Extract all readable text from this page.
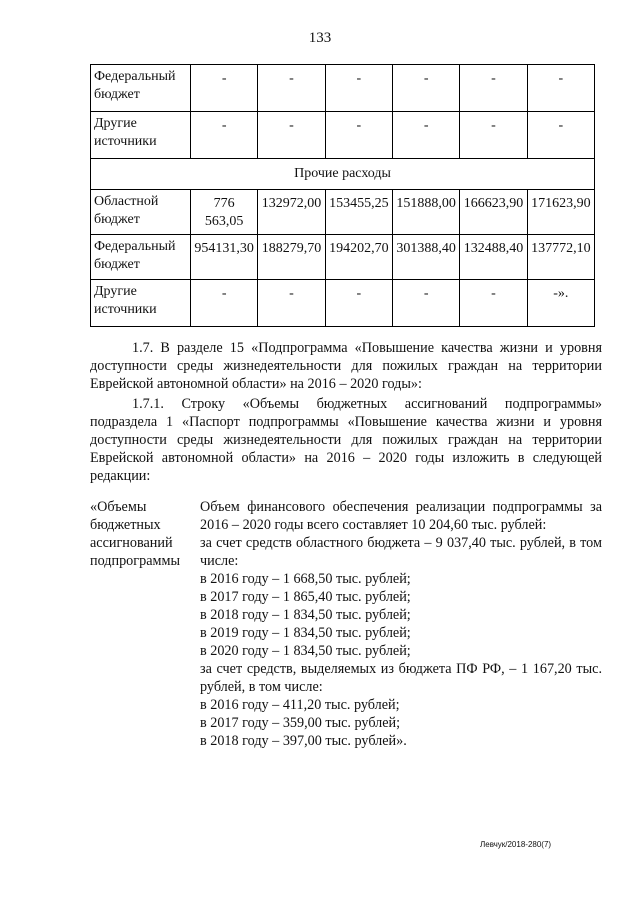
133
Федеральный бюджет	-	-	-	-	-	-
Другие источники	-	-	-	-	-	-
Прочие расходы						
Областной бюджет	776 563,05	132972,00	153455,25	151888,00	166623,90	171623,90
Федеральный бюджет	954131,30	188279,70	194202,70	301388,40	132488,40	137772,10
Другие источники	-	-	-	-	-	-».
1.7. В разделе 15 «Подпрограмма «Повышение качества жизни и уровня доступности среды жизнедеятельности для пожилых граждан на территории Еврейской автономной области» на 2016 – 2020 годы»:
1.7.1. Строку «Объемы бюджетных ассигнований подпрограммы» подраздела 1 «Паспорт подпрограммы «Повышение качества жизни и уровня доступности среды жизнедеятельности для пожилых граждан на территории Еврейской автономной области» на 2016 – 2020 годы изложить в следующей редакции:
«Объемы бюджетных ассигнований подпрограммы
Объем финансового обеспечения реализации подпрограммы за 2016 – 2020 годы всего составляет 10 204,60 тыс. рублей:
за счет средств областного бюджета – 9 037,40 тыс. рублей, в том числе:
в 2016 году – 1 668,50 тыс. рублей;
в 2017 году – 1 865,40 тыс. рублей;
в 2018 году – 1 834,50 тыс. рублей;
в 2019 году – 1 834,50 тыс. рублей;
в 2020 году – 1 834,50 тыс. рублей;
за счет средств, выделяемых из бюджета ПФ РФ, – 1 167,20 тыс. рублей, в том числе:
в 2016 году – 411,20 тыс. рублей;
в 2017 году – 359,00 тыс. рублей;
в 2018 году – 397,00 тыс. рублей».
Левчук/2018-280(7)
